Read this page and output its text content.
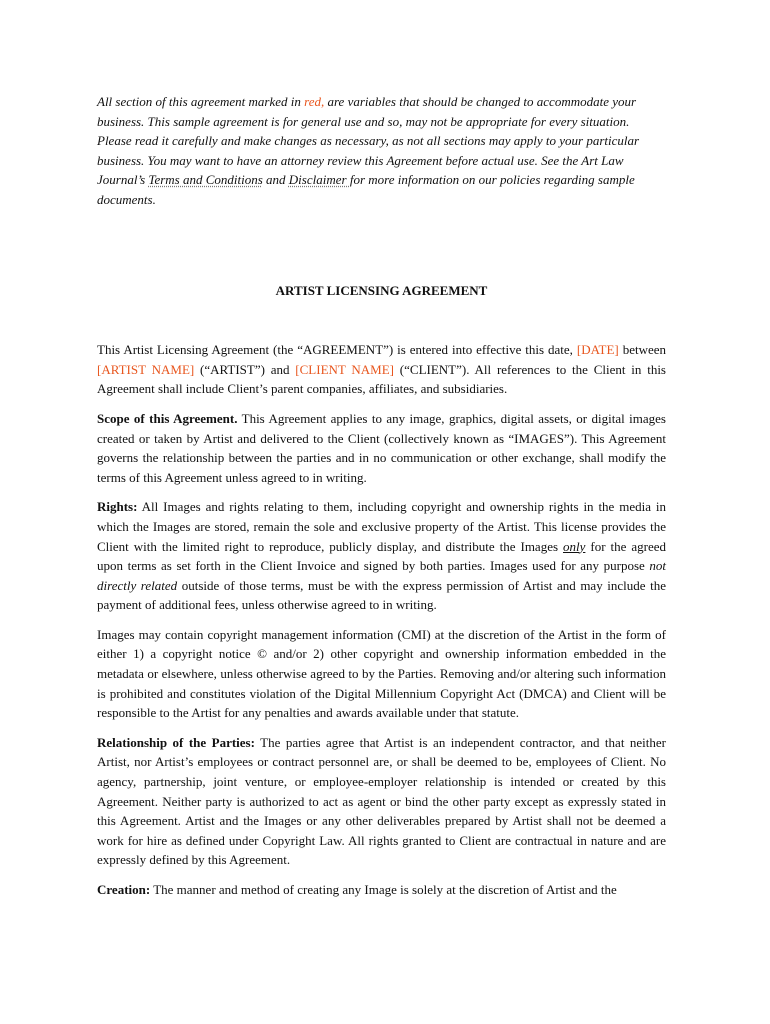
All section of this agreement marked in red, are variables that should be changed to accommodate your business. This sample agreement is for general use and so, may not be appropriate for every situation. Please read it carefully and make changes as necessary, as not all sections may apply to your particular business. You may want to have an attorney review this Agreement before actual use. See the Art Law Journal’s Terms and Conditions and Disclaimer for more information on our policies regarding sample documents.

ARTIST LICENSING AGREEMENT

This Artist Licensing Agreement (the “AGREEMENT”) is entered into effective this date, [DATE] between [ARTIST NAME] (“ARTIST”) and [CLIENT NAME] (“CLIENT”). All references to the Client in this Agreement shall include Client’s parent companies, affiliates, and subsidiaries.

Scope of this Agreement. This Agreement applies to any image, graphics, digital assets, or digital images created or taken by Artist and delivered to the Client (collectively known as “IMAGES”). This Agreement governs the relationship between the parties and in no communication or other exchange, shall modify the terms of this Agreement unless agreed to in writing.

Rights: All Images and rights relating to them, including copyright and ownership rights in the media in which the Images are stored, remain the sole and exclusive property of the Artist. This license provides the Client with the limited right to reproduce, publicly display, and distribute the Images only for the agreed upon terms as set forth in the Client Invoice and signed by both parties. Images used for any purpose not directly related outside of those terms, must be with the express permission of Artist and may include the payment of additional fees, unless otherwise agreed to in writing.

Images may contain copyright management information (CMI) at the discretion of the Artist in the form of either 1) a copyright notice © and/or 2) other copyright and ownership information embedded in the metadata or elsewhere, unless otherwise agreed to by the Parties. Removing and/or altering such information is prohibited and constitutes violation of the Digital Millennium Copyright Act (DMCA) and Client will be responsible to the Artist for any penalties and awards available under that statute.

Relationship of the Parties: The parties agree that Artist is an independent contractor, and that neither Artist, nor Artist’s employees or contract personnel are, or shall be deemed to be, employees of Client. No agency, partnership, joint venture, or employee-employer relationship is intended or created by this Agreement. Neither party is authorized to act as agent or bind the other party except as expressly stated in this Agreement. Artist and the Images or any other deliverables prepared by Artist shall not be deemed a work for hire as defined under Copyright Law. All rights granted to Client are contractual in nature and are expressly defined by this Agreement.

Creation: The manner and method of creating any Image is solely at the discretion of Artist and the
